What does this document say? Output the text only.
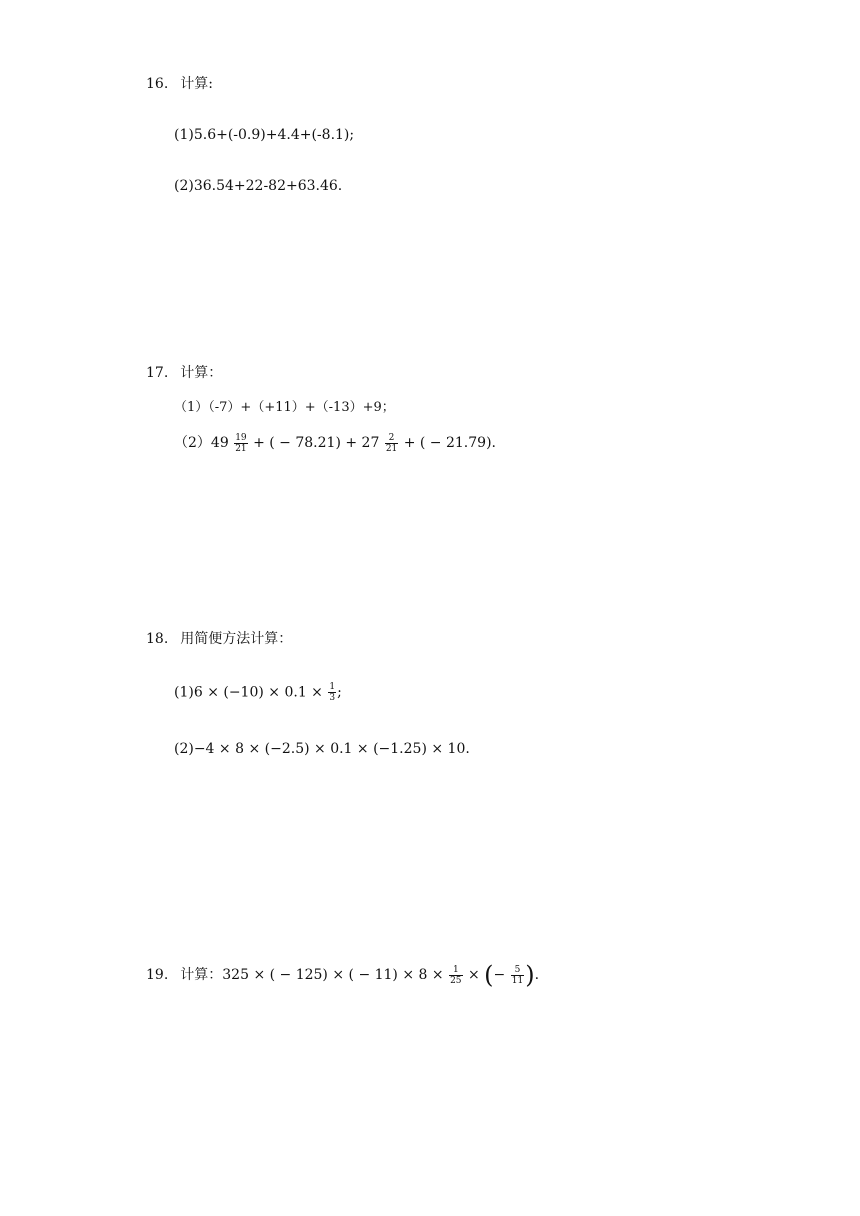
16. 计算:
(1)5.6+(-0.9)+4.4+(-8.1);
(2)36.54+22-82+63.46.
17. 计算：
（1）（-7）+（+11）+（-13）+9；
$(2)49 \frac{19}{21}$ + ( − $78.21) + 27 \frac{2}{21}$ + ( − 21.79).
18. 用简便方法计算：
$(1)6 \times (-10) \times 0.1 \times \frac{1}{3}$ ;
(2)−4 × 8 × (−2.5) × 0.1 × (−1.25) × 10.
19. 计算：325 × ( − 125) × ( − $11) \times 8 \times \frac{1}{25}$ × (− $\frac{5}{11}$ ).
